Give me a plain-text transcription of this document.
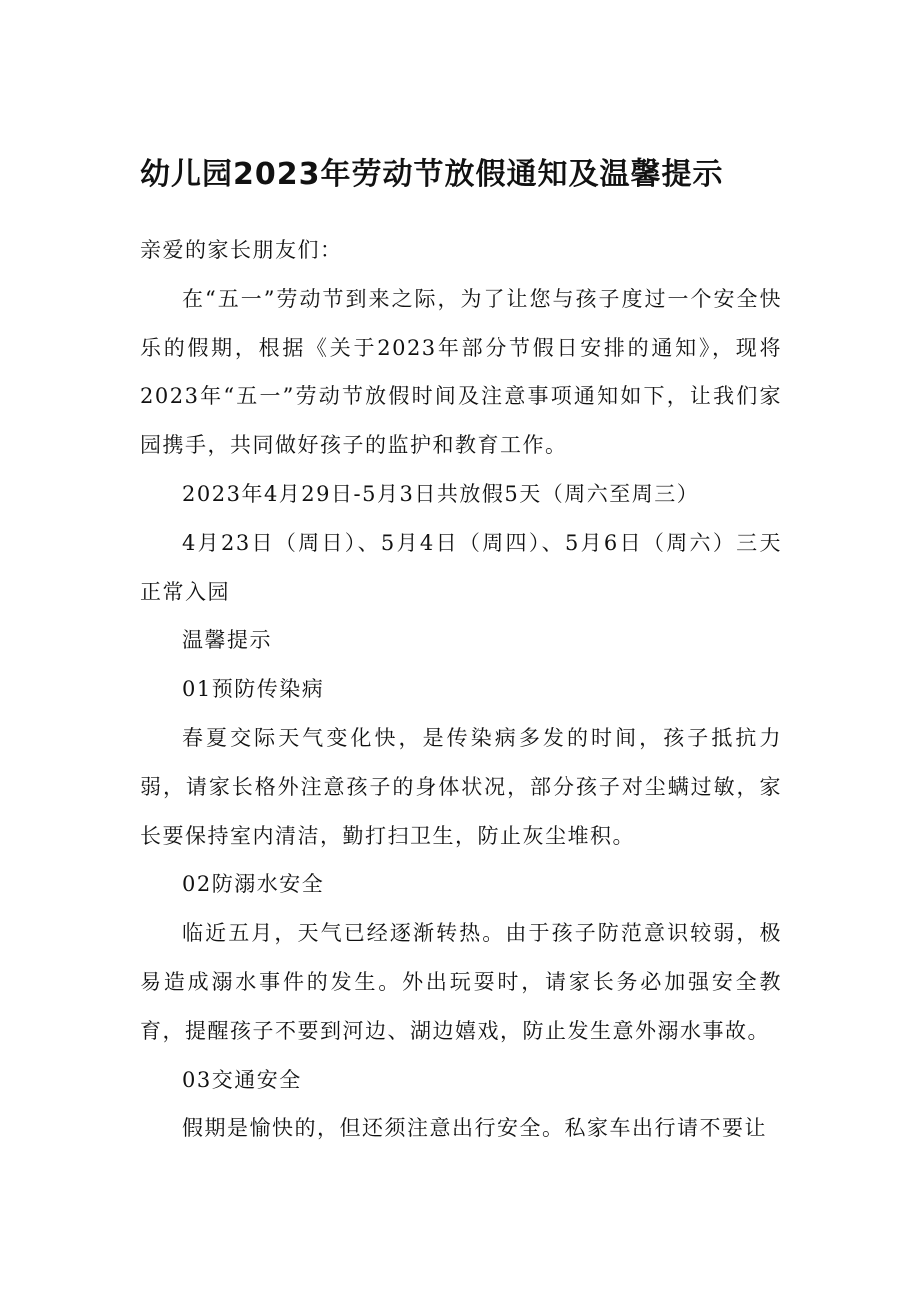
幼儿园2023年劳动节放假通知及温馨提示

亲爱的家长朋友们：

在“五一”劳动节到来之际，为了让您与孩子度过一个安全快乐的假期，根据《关于2023年部分节假日安排的通知》，现将2023年“五一”劳动节放假时间及注意事项通知如下，让我们家园携手，共同做好孩子的监护和教育工作。

2023年4月29日-5月3日共放假5天（周六至周三）

4月23日（周日）、5月4日（周四）、5月6日（周六）三天正常入园

温馨提示

01预防传染病

春夏交际天气变化快，是传染病多发的时间，孩子抵抗力弱，请家长格外注意孩子的身体状况，部分孩子对尘螨过敏，家长要保持室内清洁，勤打扫卫生，防止灰尘堆积。

02防溺水安全

临近五月，天气已经逐渐转热。由于孩子防范意识较弱，极易造成溺水事件的发生。外出玩耍时，请家长务必加强安全教育，提醒孩子不要到河边、湖边嬉戏，防止发生意外溺水事故。

03交通安全

假期是愉快的，但还须注意出行安全。私家车出行请不要让
